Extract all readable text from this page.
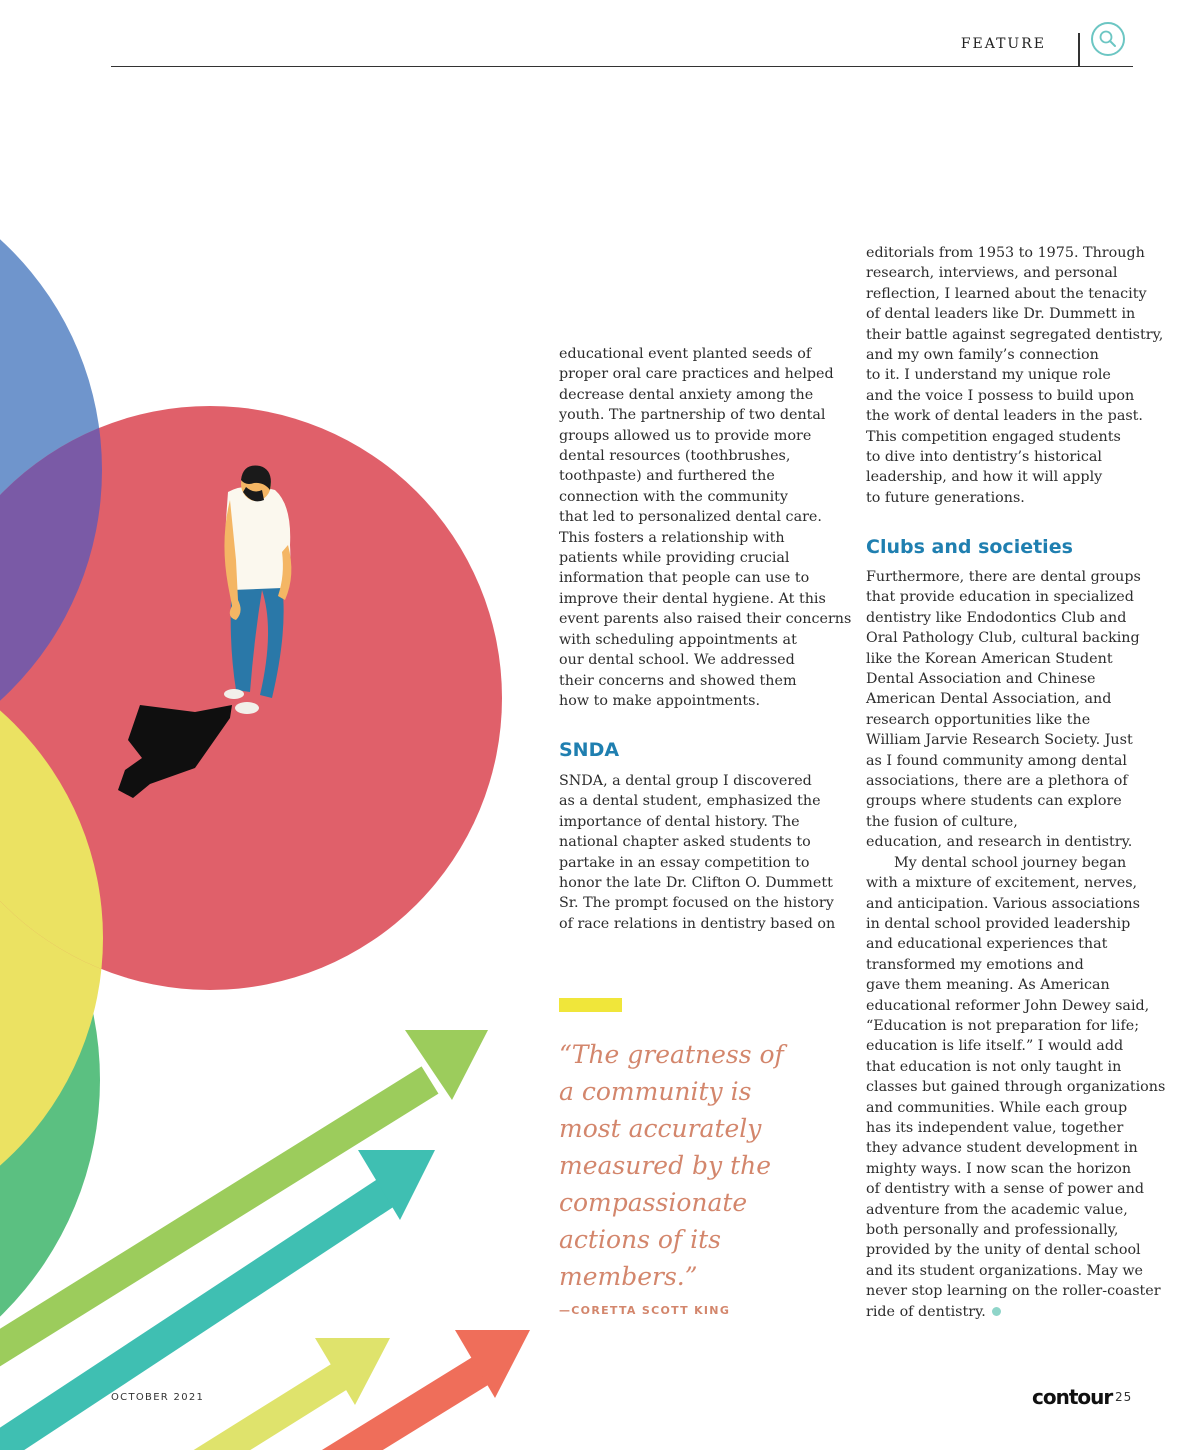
FEATURE

educational event planted seeds of
proper oral care practices and helped
decrease dental anxiety among the
youth. The partnership of two dental
groups allowed us to provide more
dental resources (toothbrushes,
toothpaste) and furthered the
connection with the community
that led to personalized dental care.
This fosters a relationship with
patients while providing crucial
information that people can use to
improve their dental hygiene. At this
event parents also raised their concerns
with scheduling appointments at
our dental school. We addressed
their concerns and showed them
how to make appointments.

SNDA

SNDA, a dental group I discovered
as a dental student, emphasized the
importance of dental history. The
national chapter asked students to
partake in an essay competition to
honor the late Dr. Clifton O. Dummett
Sr. The prompt focused on the history
of race relations in dentistry based on

“The greatness of
a community is
most accurately
measured by the
compassionate
actions of its
members.”
—CORETTA SCOTT KING

editorials from 1953 to 1975. Through
research, interviews, and personal
reflection, I learned about the tenacity
of dental leaders like Dr. Dummett in
their battle against segregated dentistry,
and my own family’s connection
to it. I understand my unique role
and the voice I possess to build upon
the work of dental leaders in the past.
This competition engaged students
to dive into dentistry’s historical
leadership, and how it will apply
to future generations.

Clubs and societies

Furthermore, there are dental groups
that provide education in specialized
dentistry like Endodontics Club and
Oral Pathology Club, cultural backing
like the Korean American Student
Dental Association and Chinese
American Dental Association, and
research opportunities like the
William Jarvie Research Society. Just
as I found community among dental
associations, there are a plethora of
groups where students can explore
the fusion of culture,
education, and research in dentistry.

My dental school journey began
with a mixture of excitement, nerves,
and anticipation. Various associations
in dental school provided leadership
and educational experiences that
transformed my emotions and
gave them meaning. As American
educational reformer John Dewey said,
“Education is not preparation for life;
education is life itself.” I would add
that education is not only taught in
classes but gained through organizations
and communities. While each group
has its independent value, together
they advance student development in
mighty ways. I now scan the horizon
of dentistry with a sense of power and
adventure from the academic value,
both personally and professionally,
provided by the unity of dental school
and its student organizations. May we
never stop learning on the roller-coaster
ride of dentistry.

OCTOBER 2021	contour 25
